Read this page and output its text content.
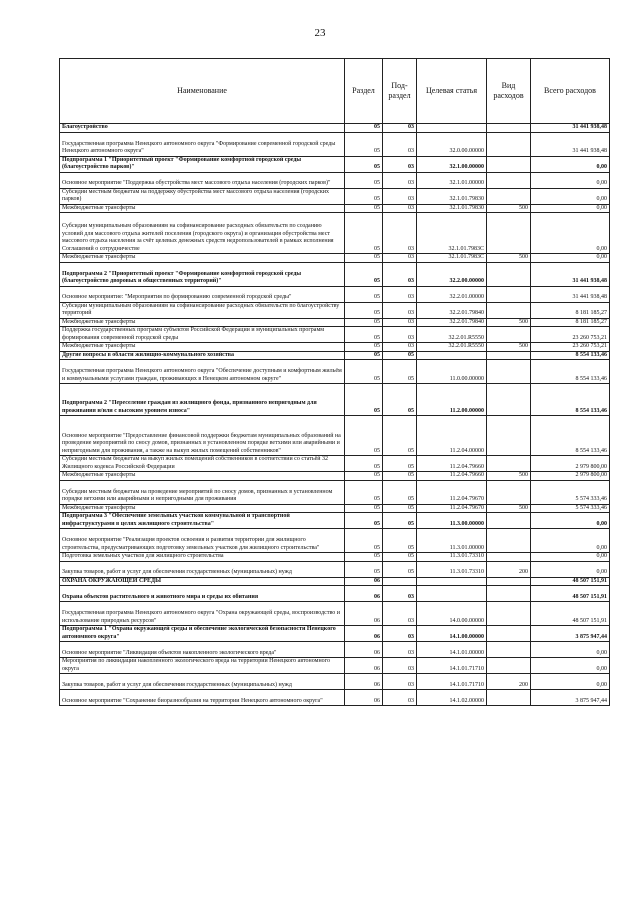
23
Наименование	Раздел	Под-
раздел	Целевая статья	Вид расходов	Всего расходов
Благоустройство	05	03			31 441 938,48
Государственная программа Ненецкого автономного округа "Формирование современной городской среды Ненецкого автономного округа"	05	03	32.0.00.00000		31 441 938,48
Подпрограмма 1 "Приоритетный проект "Формирование комфортной городской среды (благоустройство парков)"	05	03	32.1.00.00000		0,00
Основное мероприятие "Поддержка обустройства мест массового отдыха населения (городских парков)"	05	03	32.1.01.00000		0,00
Субсидии местным бюджетам на поддержку обустройства мест массового отдыха населения (городских парков)	05	03	32.1.01.79830		0,00
Межбюджетные трансферты	05	03	32.1.01.79830	500	0,00
Субсидии муниципальным образованиям на софинансирование расходных обязательств по созданию условий для массового отдыха жителей поселения (городского округа) и организация обустройства мест массового отдыха населения за счёт целевых денежных средств недропользователей в рамках исполнения Соглашений о сотрудничестве	05	03	32.1.01.7983С		0,00
Межбюджетные трансферты	05	03	32.1.01.7983С	500	0,00
Подпрограмма 2 "Приоритетный проект "Формирование комфортной городской среды (благоустройство дворовых и общественных территорий)"	05	03	32.2.00.00000		31 441 938,48
Основное мероприятие: "Мероприятия по формированию современной городской среды"	05	03	32.2.01.00000		31 441 938,48
Субсидии муниципальным образованиям на софинансирование расходных обязательств по благоустройству территорий	05	03	32.2.01.79840		8 181 185,27
Межбюджетные трансферты	05	03	32.2.01.79840	500	8 181 185,27
Поддержка государственных программ субъектов Российской Федерации и муниципальных программ формирования современной городской среды	05	03	32.2.01.R5550		23 260 753,21
Межбюджетные трансферты	05	03	32.2.01.R5550	500	23 260 753,21
Другие вопросы в области жилищно-коммунального хозяйства	05	05			8 554 133,46
Государственная программа Ненецкого автономного округа "Обеспечение доступным и комфортным жильём и коммунальными услугами граждан, проживающих в Ненецком автономном округе"	05	05	11.0.00.00000		8 554 133,46
Подпрограмма 2 "Переселение граждан из жилищного фонда, признанного непригодным для проживания и/или с высоким уровнем износа"	05	05	11.2.00.00000		8 554 133,46
Основное мероприятие "Предоставление финансовой поддержки бюджетам муниципальных образований на проведение мероприятий по сносу домов, признанных в установленном порядке ветхими или аварийными и непригодными для проживания, а также на выкуп жилых помещений собственников"	05	05	11.2.04.00000		8 554 133,46
Субсидии местным бюджетам на выкуп жилых помещений собственников в соответствии со статьёй 32 Жилищного кодекса Российской Федерации	05	05	11.2.04.79660		2 979 800,00
Межбюджетные трансферты	05	05	11.2.04.79660	500	2 979 800,00
Субсидии местным бюджетам на проведение мероприятий по сносу домов, признанных в установленном порядке ветхими или аварийными и непригодными для проживания	05	05	11.2.04.79670		5 574 333,46
Межбюджетные трансферты	05	05	11.2.04.79670	500	5 574 333,46
Подпрограмма 3 "Обеспечение земельных участков коммунальной и транспортной инфраструктурами в целях жилищного строительства"	05	05	11.3.00.00000		0,00
Основное мероприятие "Реализация проектов освоения и развития территории для жилищного строительства, предусматривающих подготовку земельных участков для жилищного строительства"	05	05	11.3.01.00000		0,00
Подготовка земельных участков для жилищного строительства	05	05	11.3.01.73310		0,00
Закупка товаров, работ и услуг для обеспечения государственных (муниципальных) нужд	05	05	11.3.01.73310	200	0,00
ОХРАНА ОКРУЖАЮЩЕЙ СРЕДЫ	06				48 507 151,91
Охрана объектов растительного и животного мира и среды их обитания	06	03			48 507 151,91
Государственная программа Ненецкого автономного округа "Охрана окружающей среды, воспроизводство и использование природных ресурсов"	06	03	14.0.00.00000		48 507 151,91
Подпрограмма 1 "Охрана окружающей среды и обеспечение экологической безопасности Ненецкого автономного округа"	06	03	14.1.00.00000		3 875 947,44
Основное мероприятие "Ликвидация объектов накопленного экологического вреда"	06	03	14.1.01.00000		0,00
Мероприятия по ликвидации накопленного экологического вреда на территории Ненецкого автономного округа	06	03	14.1.01.71710		0,00
Закупка товаров, работ и услуг для обеспечения государственных (муниципальных) нужд	06	03	14.1.01.71710	200	0,00
Основное мероприятие "Сохранение биоразнообразия на территории Ненецкого автономного округа"	06	03	14.1.02.00000		3 875 947,44
